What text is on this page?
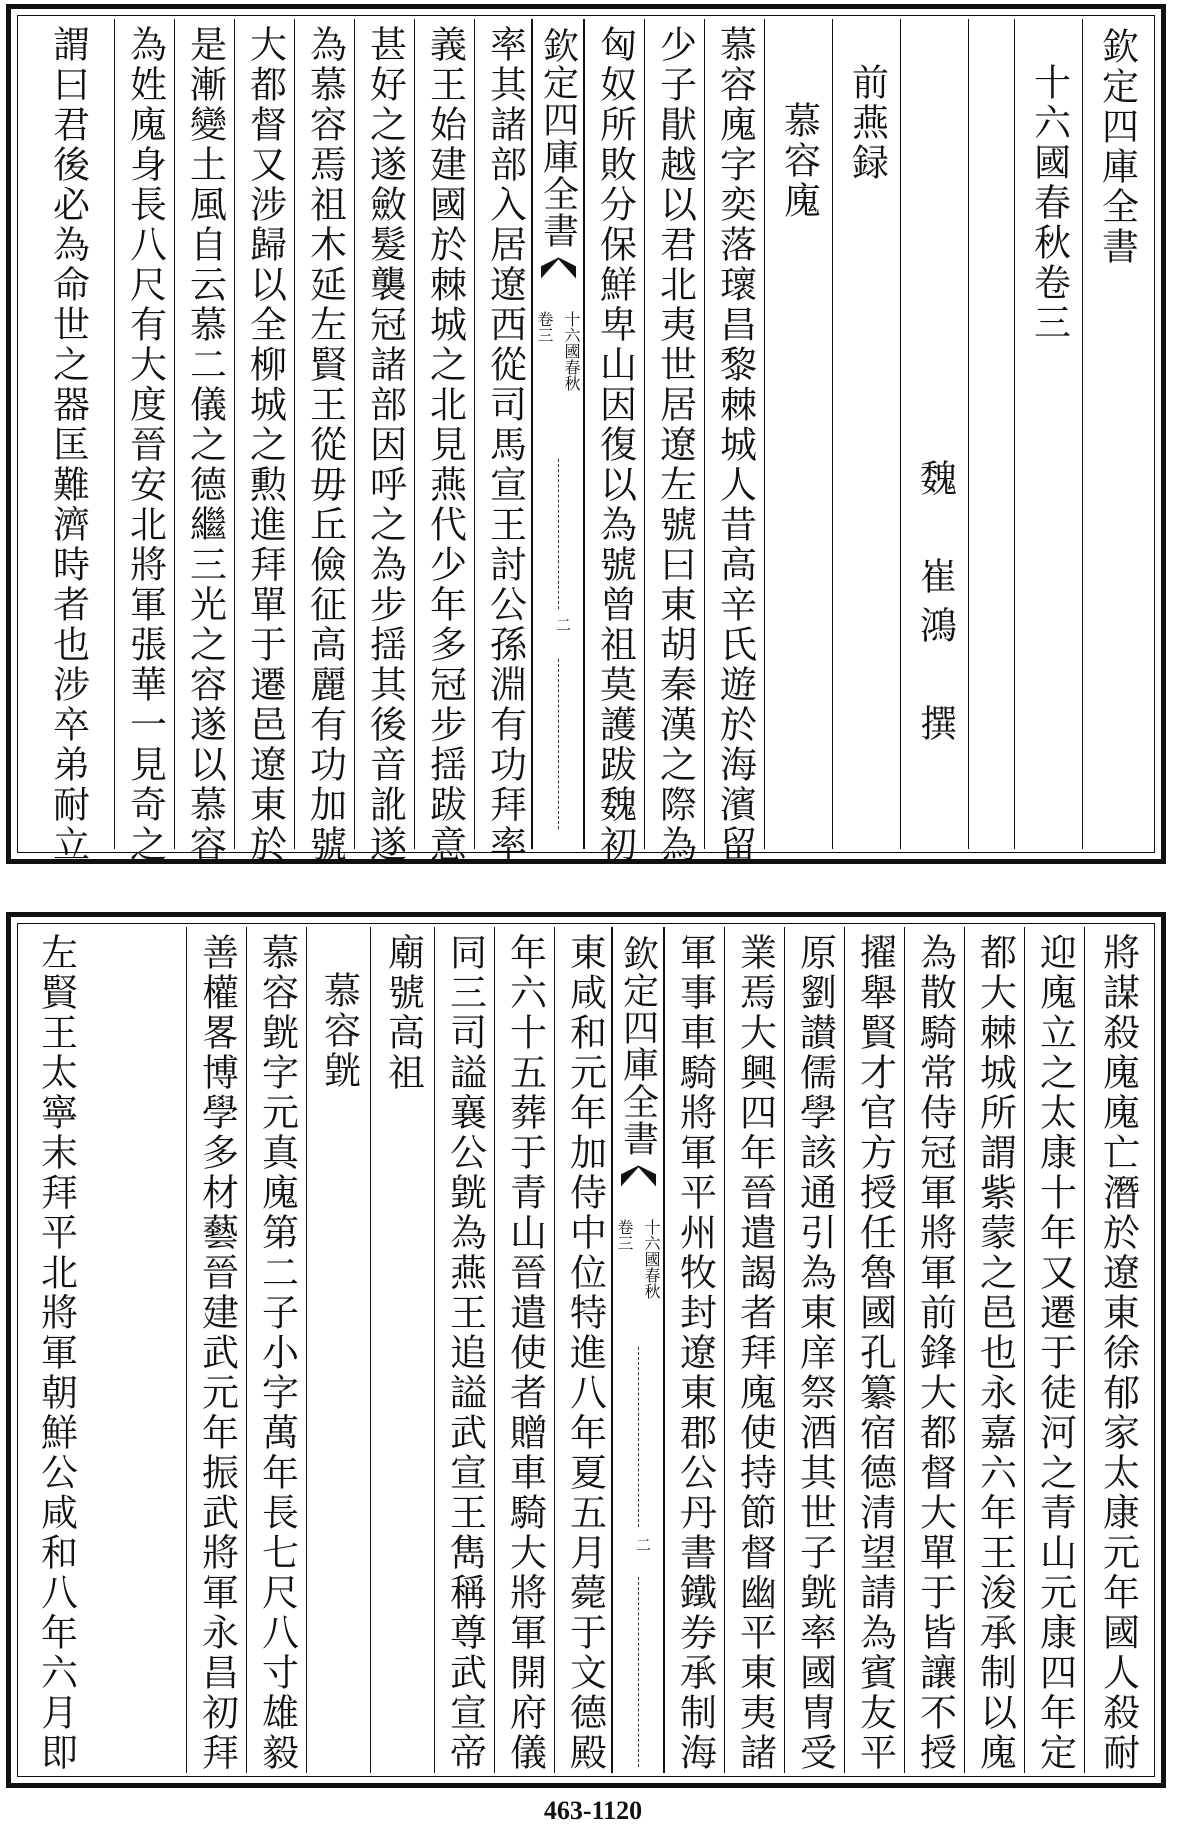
欽定四庫全書
十六國春秋卷三
魏　崔鴻　撰
前燕録
慕容廆
慕容廆字奕落瓌昌黎棘城人昔高辛氏遊於海濱留
少子猒越以君北夷世居遼左號曰東胡秦漢之際為
匈奴所敗分保鮮卑山因復以為號曾祖莫護跋魏初
欽定四庫全書
十六國春秋
卷三
二
率其諸部入居遼西從司馬宣王討公孫淵有功拜率
義王始建國於棘城之北見燕代少年多冠步揺跋意
甚好之遂斂髮襲冠諸部因呼之為步揺其後音訛遂
為慕容焉祖木延左賢王從毋丘儉征高麗有功加號
大都督又涉歸以全柳城之勲進拜單于遷邑遼東於
是漸變土風自云慕二儀之德繼三光之容遂以慕容
為姓廆身長八尺有大度晉安北將軍張華一見奇之
謂曰君後必為命世之器匡難濟時者也涉卒弟耐立
將謀殺廆廆亡潛於遼東徐郁家太康元年國人殺耐
迎廆立之太康十年又遷于徒河之青山元康四年定
都大棘城所謂紫蒙之邑也永嘉六年王浚承制以廆
為散騎常侍冠軍將軍前鋒大都督大單于皆讓不授
擢舉賢才官方授任魯國孔纂宿德清望請為賓友平
原劉讃儒學該通引為東庠祭酒其世子皝率國冑受
業焉大興四年晉遣謁者拜廆使持節督幽平東夷諸
軍事車騎將軍平州牧封遼東郡公丹書鐵券承制海
欽定四庫全書
十六國春秋
卷三
二
東咸和元年加侍中位特進八年夏五月薨于文德殿
年六十五葬于青山晉遣使者贈車騎大將軍開府儀
同三司謚襄公皝為燕王追謚武宣王雋稱尊武宣帝
廟號高祖
慕容皝
慕容皝字元真廆第二子小字萬年長七尺八寸雄毅
善權畧博學多材藝晉建武元年振武將軍永昌初拜
左賢王太寧末拜平北將軍朝鮮公咸和八年六月即
463-1120
